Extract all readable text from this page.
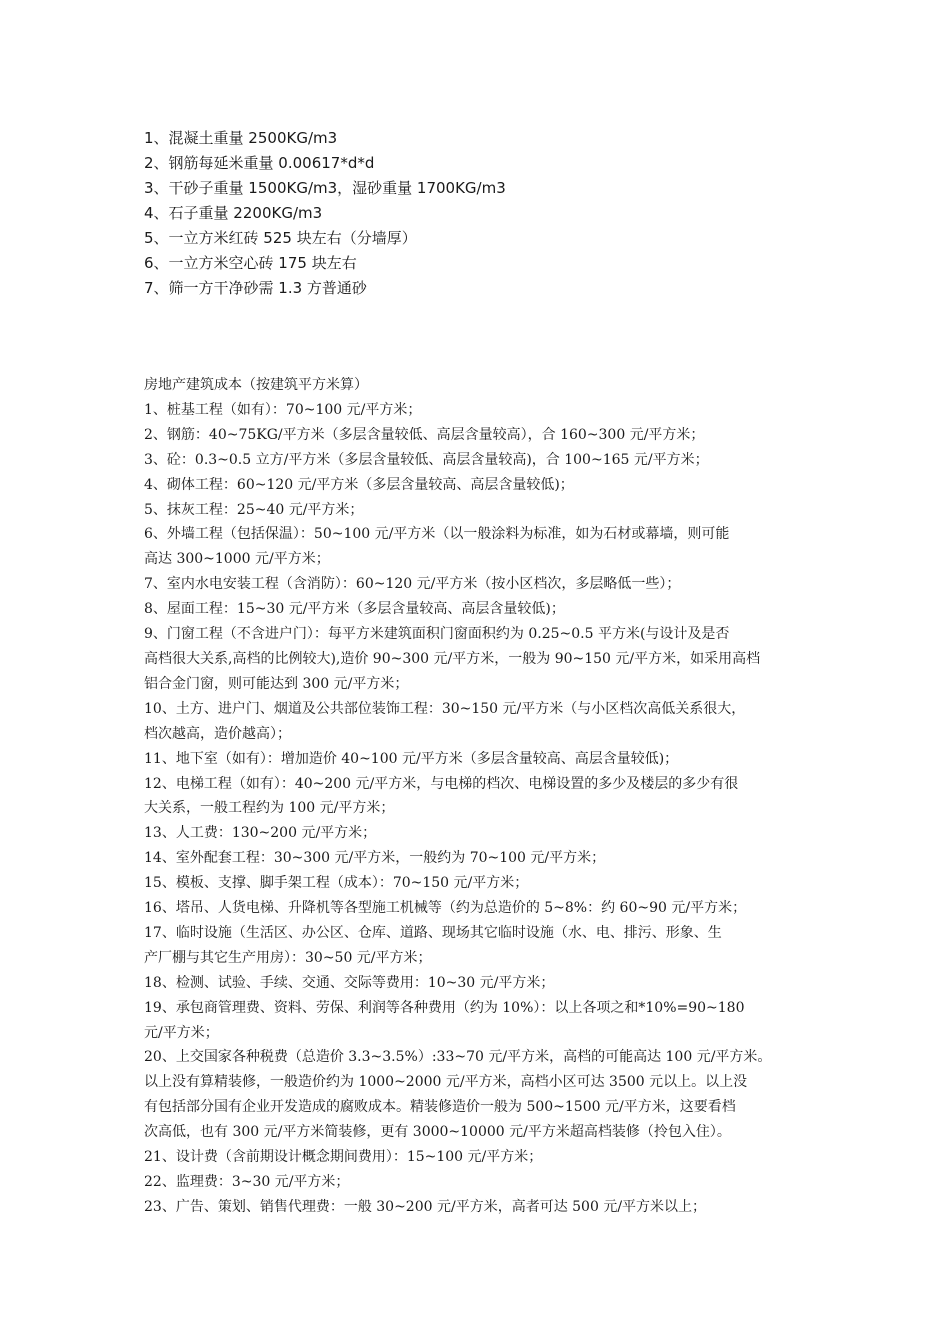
1、混凝土重量 2500KG/m3
2、钢筋每延米重量 0.00617*d*d
3、干砂子重量 1500KG/m3，湿砂重量 1700KG/m3
4、石子重量 2200KG/m3
5、一立方米红砖 525 块左右（分墙厚）
6、一立方米空心砖 175 块左右
7、筛一方干净砂需 1.3 方普通砂
房地产建筑成本（按建筑平方米算）
1、桩基工程（如有）：70~100 元/平方米；
2、钢筋：40~75KG/平方米（多层含量较低、高层含量较高），合 160~300 元/平方米；
3、砼：0.3~0.5 立方/平方米（多层含量较低、高层含量较高)，合 100~165 元/平方米；
4、砌体工程：60~120 元/平方米（多层含量较高、高层含量较低)；
5、抹灰工程：25~40 元/平方米；
6、外墙工程（包括保温）：50~100 元/平方米（以一般涂料为标准，如为石材或幕墙，则可能
高达 300~1000 元/平方米；
7、室内水电安装工程（含消防）：60~120 元/平方米（按小区档次，多层略低一些）；
8、屋面工程：15~30 元/平方米（多层含量较高、高层含量较低)；
9、门窗工程（不含进户门）：每平方米建筑面积门窗面积约为 0.25~0.5 平方米(与设计及是否
高档很大关系,高档的比例较大),造价 90~300 元/平方米，一般为 90~150 元/平方米，如采用高档
铝合金门窗，则可能达到 300 元/平方米；
10、土方、进户门、烟道及公共部位装饰工程：30~150 元/平方米（与小区档次高低关系很大，
档次越高，造价越高）；
11、地下室（如有）：增加造价 40~100 元/平方米（多层含量较高、高层含量较低)；
12、电梯工程（如有）：40~200 元/平方米，与电梯的档次、电梯设置的多少及楼层的多少有很
大关系，一般工程约为 100 元/平方米；
13、人工费：130~200 元/平方米；
14、室外配套工程：30~300 元/平方米，一般约为 70~100 元/平方米；
15、模板、支撑、脚手架工程（成本）：70~150 元/平方米；
16、塔吊、人货电梯、升降机等各型施工机械等（约为总造价的 5~8%：约 60~90 元/平方米；
17、临时设施（生活区、办公区、仓库、道路、现场其它临时设施（水、电、排污、形象、生
产厂棚与其它生产用房）：30~50 元/平方米；
18、检测、试验、手续、交通、交际等费用：10~30 元/平方米；
19、承包商管理费、资料、劳保、利润等各种费用（约为 10%）：以上各项之和*10%=90~180
元/平方米；
20、上交国家各种税费（总造价 3.3~3.5%）:33~70 元/平方米，高档的可能高达 100 元/平方米。
以上没有算精装修，一般造价约为 1000~2000 元/平方米，高档小区可达 3500 元以上。以上没
有包括部分国有企业开发造成的腐败成本。精装修造价一般为 500~1500 元/平方米，这要看档
次高低，也有 300 元/平方米简装修，更有 3000~10000 元/平方米超高档装修（拎包入住）。
21、设计费（含前期设计概念期间费用）：15~100 元/平方米；
22、监理费：3~30 元/平方米；
23、广告、策划、销售代理费：一般 30~200 元/平方米，高者可达 500 元/平方米以上；
